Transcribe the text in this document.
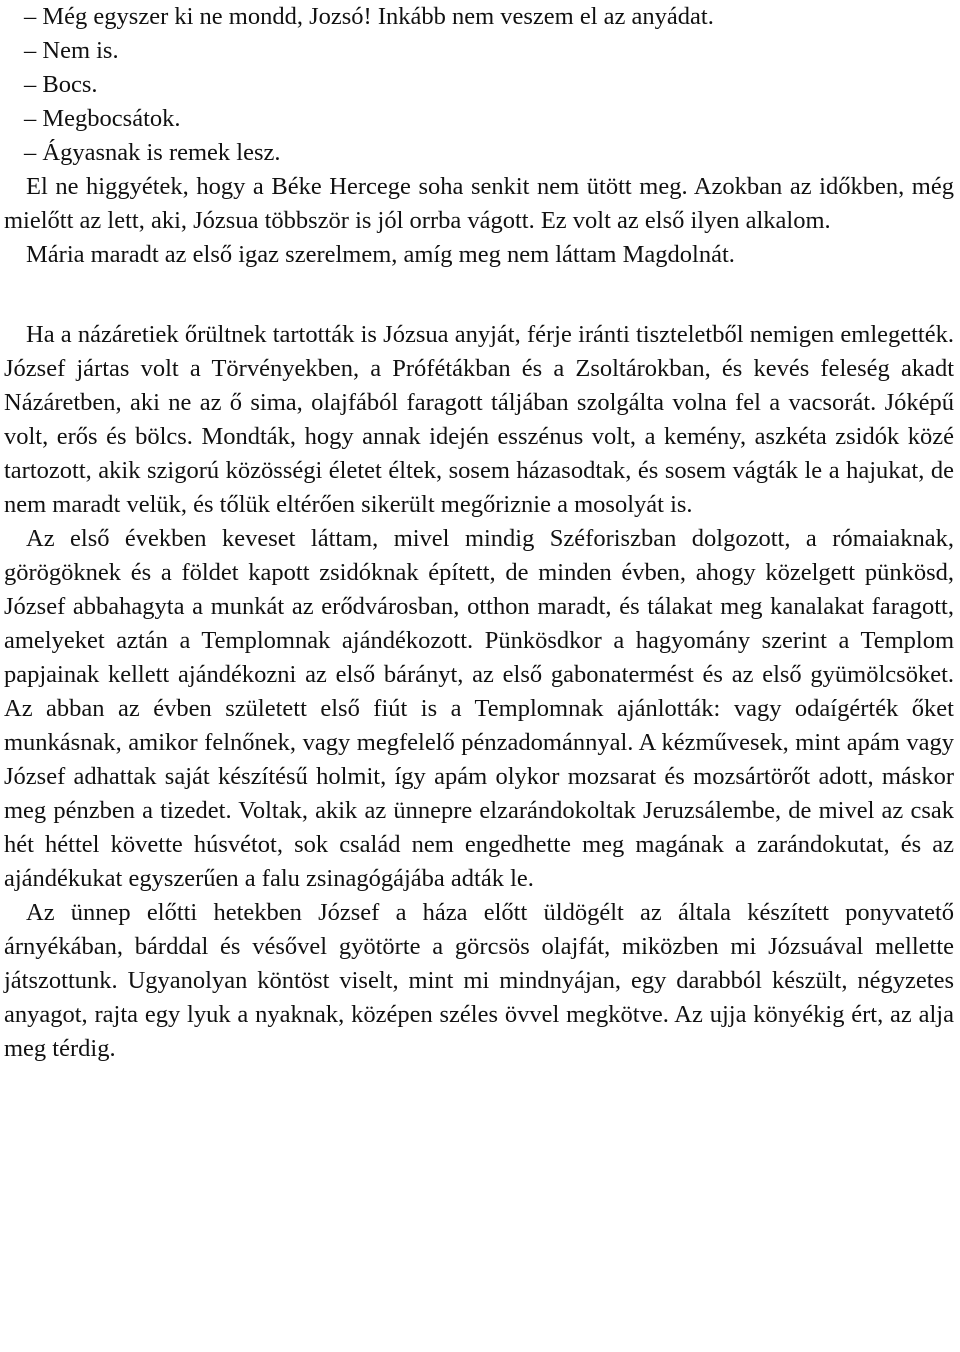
– Még egyszer ki ne mondd, Jozsó! Inkább nem veszem el az anyádat.
– Nem is.
– Bocs.
– Megbocsátok.
– Ágyasnak is remek lesz.

El ne higgyétek, hogy a Béke Hercege soha senkit nem ütött meg. Azokban az időkben, még mielőtt az lett, aki, Józsua többször is jól orrba vágott. Ez volt az első ilyen alkalom.

Mária maradt az első igaz szerelmem, amíg meg nem láttam Magdolnát.

Ha a názáretiek őrültnek tartották is Józsua anyját, férje iránti tiszteletből nemigen emlegették. József jártas volt a Törvényekben, a Prófétákban és a Zsoltárokban, és kevés feleség akadt Názáretben, aki ne az ő sima, olajfából faragott táljában szolgálta volna fel a vacsorát. Jóképű volt, erős és bölcs. Mondták, hogy annak idején esszénus volt, a kemény, aszkéta zsidók közé tartozott, akik szigorú közösségi életet éltek, sosem házasodtak, és sosem vágták le a hajukat, de nem maradt velük, és tőlük eltérően sikerült megőriznie a mosolyát is.

Az első években keveset láttam, mivel mindig Széforiszban dolgozott, a rómaiaknak, görögöknek és a földet kapott zsidóknak épített, de minden évben, ahogy közelgett pünkösd, József abbahagyta a munkát az erődvárosban, otthon maradt, és tálakat meg kanalakat faragott, amelyeket aztán a Templomnak ajándékozott. Pünkösdkor a hagyomány szerint a Templom papjainak kellett ajándékozni az első bárányt, az első gabonatermést és az első gyümölcsöket. Az abban az évben született első fiút is a Templomnak ajánlották: vagy odaígérték őket munkásnak, amikor felnőnek, vagy megfelelő pénzadománnyal. A kézművesek, mint apám vagy József adhattak saját készítésű holmit, így apám olykor mozsarat és mozsártörőt adott, máskor meg pénzben a tizedet. Voltak, akik az ünnepre elzarándokoltak Jeruzsálembe, de mivel az csak hét héttel követte húsvétot, sok család nem engedhette meg magának a zarándokutat, és az ajándékukat egyszerűen a falu zsinagógájába adták le.

Az ünnep előtti hetekben József a háza előtt üldögélt az általa készített ponyvatető árnyékában, bárddal és vésővel gyötörte a görcsös olajfát, miközben mi Józsuával mellette játszottunk. Ugyanolyan köntöst viselt, mint mi mindnyájan, egy darabból készült, négyzetes anyagot, rajta egy lyuk a nyaknak, középen széles övvel megkötve. Az ujja könyékig ért, az alja meg térdig.
